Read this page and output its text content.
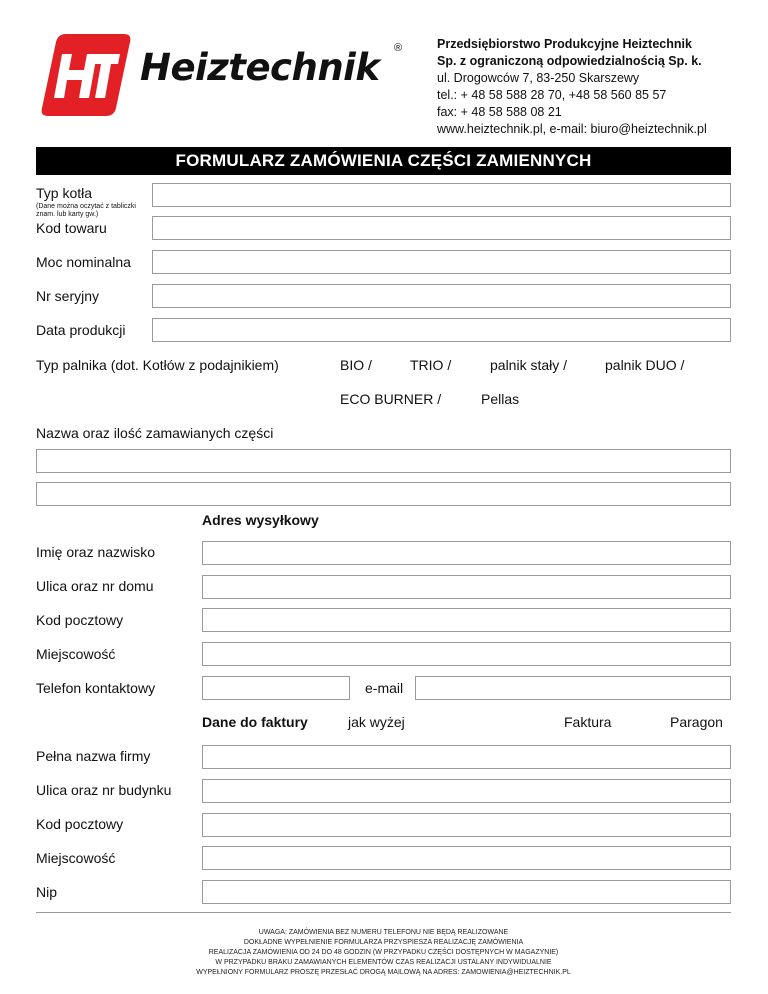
Heiztechnik ®	Przedsiębiorstwo Produkcyjne Heiztechnik
Sp. z ograniczoną odpowiedzialnością Sp. k.
ul. Drogowców 7, 83-250 Skarszewy
tel.: + 48 58 588 28 70, +48 58 560 85 57
fax: + 48 58 588 08 21
www.heiztechnik.pl, e-mail: biuro@heiztechnik.pl
FORMULARZ ZAMÓWIENIA CZĘŚCI ZAMIENNYCH
Typ kotła
(Dane można oczytać z tabliczki
znam. lub karty gw.)
Kod towaru
Moc nominalna
Nr seryjny
Data produkcji
Typ palnika (dot. Kotłów z podajnikiem)	BIO /	TRIO /	palnik stały /	palnik DUO /
ECO BURNER /	Pellas
Nazwa oraz ilość zamawianych części
Adres wysyłkowy
Imię oraz nazwisko
Ulica oraz nr domu
Kod pocztowy
Miejscowość
Telefon kontaktowy	e-mail
Dane do faktury	jak wyżej	Faktura	Paragon
Pełna nazwa firmy
Ulica oraz nr budynku
Kod pocztowy
Miejscowość
Nip
UWAGA: ZAMÓWIENIA BEZ NUMERU TELEFONU NIE BĘDĄ REALIZOWANE
DOKŁADNE WYPEŁNIENIE FORMULARZA PRZYSPIESZA REALIZACJĘ ZAMÓWIENIA
REALIZACJA ZAMÓWIENIA OD 24 DO 48 GODZIN (W PRZYPADKU CZĘŚCI DOSTĘPNYCH W MAGAZYNIE)
W PRZYPADKU BRAKU ZAMAWIANYCH ELEMENTÓW CZAS REALIZACJI USTALANY INDYWIDUALNIE
WYPEŁNIONY FORMULARZ PROSZĘ PRZESŁAĆ DROGĄ MAILOWĄ NA ADRES: ZAMOWIENIA@HEIZTECHNIK.PL
